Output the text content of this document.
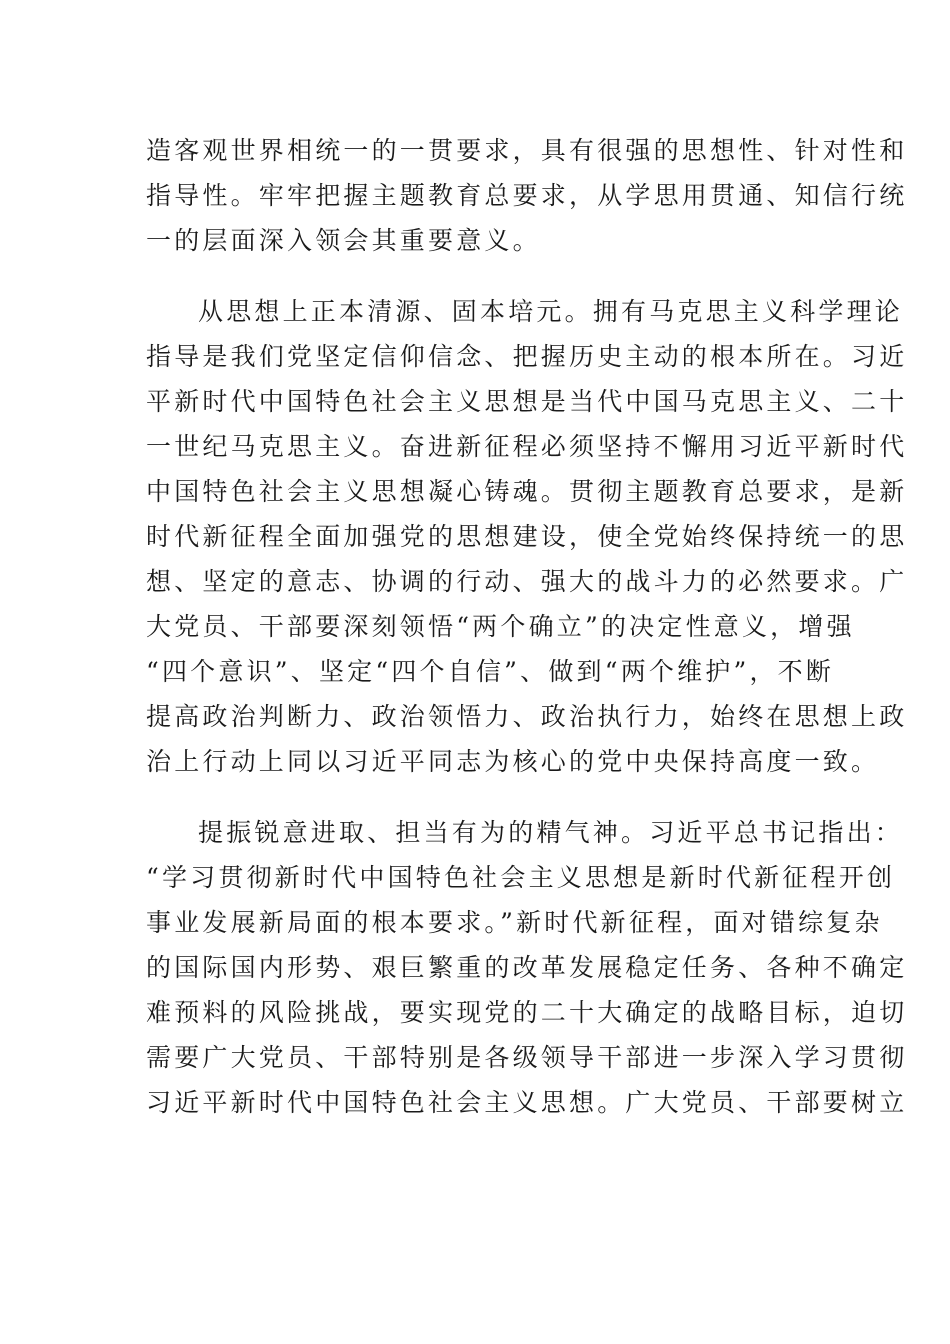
造客观世界相统一的一贯要求，具有很强的思想性、针对性和
指导性。牢牢把握主题教育总要求，从学思用贯通、知信行统
一的层面深入领会其重要意义。
从思想上正本清源、固本培元。拥有马克思主义科学理论
指导是我们党坚定信仰信念、把握历史主动的根本所在。习近
平新时代中国特色社会主义思想是当代中国马克思主义、二十
一世纪马克思主义。奋进新征程必须坚持不懈用习近平新时代
中国特色社会主义思想凝心铸魂。贯彻主题教育总要求，是新
时代新征程全面加强党的思想建设，使全党始终保持统一的思
想、坚定的意志、协调的行动、强大的战斗力的必然要求。广
大党员、干部要深刻领悟“两个确立”的决定性意义，增强
“四个意识”、坚定“四个自信”、做到“两个维护”，不断
提高政治判断力、政治领悟力、政治执行力，始终在思想上政
治上行动上同以习近平同志为核心的党中央保持高度一致。
提振锐意进取、担当有为的精气神。习近平总书记指出：
“学习贯彻新时代中国特色社会主义思想是新时代新征程开创
事业发展新局面的根本要求。”新时代新征程，面对错综复杂
的国际国内形势、艰巨繁重的改革发展稳定任务、各种不确定
难预料的风险挑战，要实现党的二十大确定的战略目标，迫切
需要广大党员、干部特别是各级领导干部进一步深入学习贯彻
习近平新时代中国特色社会主义思想。广大党员、干部要树立
